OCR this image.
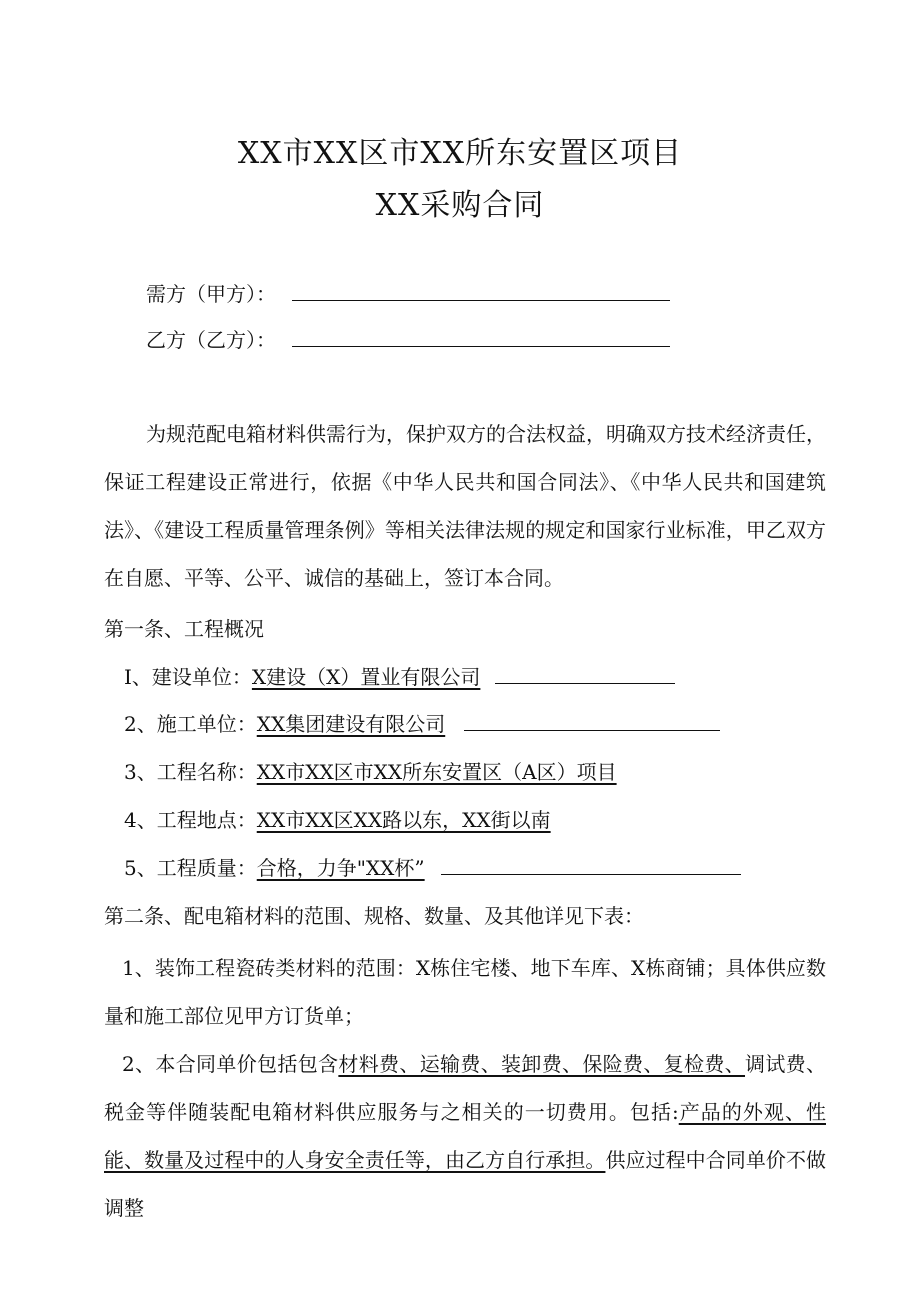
XX市XX区市XX所东安置区项目
XX采购合同
需方（甲方）：
乙方（乙方）：
为规范配电箱材料供需行为，保护双方的合法权益，明确双方技术经济责任，保证工程建设正常进行，依据《中华人民共和国合同法》、《中华人民共和国建筑法》、《建设工程质量管理条例》等相关法律法规的规定和国家行业标准，甲乙双方在自愿、平等、公平、诚信的基础上，签订本合同。
第一条、工程概况
I、建设单位：X建设（X）置业有限公司
2、施工单位：XX集团建设有限公司
3、工程名称：XX市XX区市XX所东安置区（A区）项目
4、工程地点：XX市XX区XX路以东，XX街以南
5、工程质量：合格，力争"XX杯”
第二条、配电箱材料的范围、规格、数量、及其他详见下表：
1、装饰工程瓷砖类材料的范围：X栋住宅楼、地下车库、X栋商铺；具体供应数量和施工部位见甲方订货单；
2、本合同单价包括包含材料费、运输费、装卸费、保险费、复检费、调试费、税金等伴随装配电箱材料供应服务与之相关的一切费用。包括:产品的外观、性能、数量及过程中的人身安全责任等，由乙方自行承担。供应过程中合同单价不做调整
